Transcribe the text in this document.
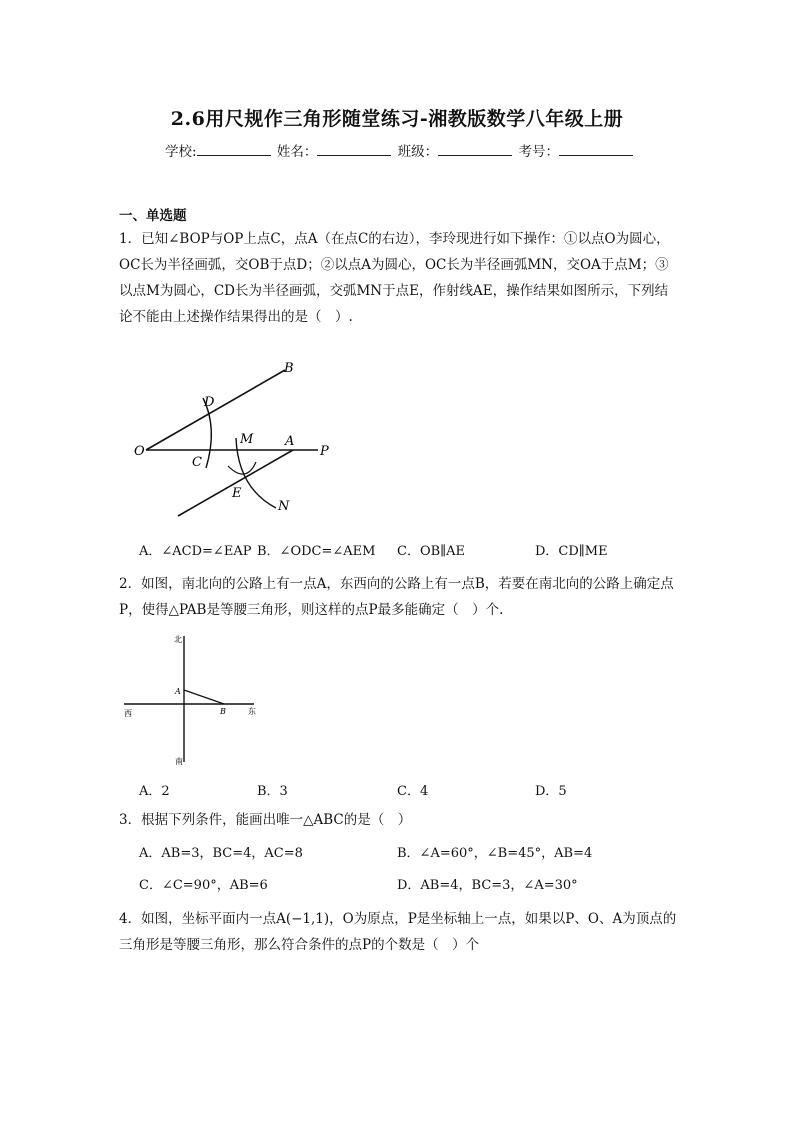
2.6用尺规作三角形随堂练习-湘教版数学八年级上册
学校:	姓名：	班级：	考号：
一、单选题
1．已知∠BOP与OP上点C，点A（在点C的右边），李玲现进行如下操作：①以点O为圆心，OC长为半径画弧，交OB于点D；②以点A为圆心，OC长为半径画弧MN，交OA于点M；③以点M为圆心，CD长为半径画弧，交弧MN于点E，作射线AE，操作结果如图所示，下列结论不能由上述操作结果得出的是（　）.
B
D
M A
O
C
P
E
N
A．∠ACD=∠EAP B．∠ODC=∠AEM C．OB∥AE	D．CD∥ME
2．如图，南北向的公路上有一点A，东西向的公路上有一点B，若要在南北向的公路上确定点P，使得△PAB是等腰三角形，则这样的点P最多能确定（　）个.
北
A
西	B	东
南
A．2	B．3	C．4	D．5
3．根据下列条件，能画出唯一△ABC的是（　）
A．AB=3，BC=4，AC=8	B．∠A=60°，∠B=45°，AB=4
C．∠C=90°，AB=6	D．AB=4，BC=3，∠A=30°
4．如图，坐标平面内一点A(−1,1)，O为原点，P是坐标轴上一点，如果以P、O、A为顶点的三角形是等腰三角形，那么符合条件的点P的个数是（　）个
